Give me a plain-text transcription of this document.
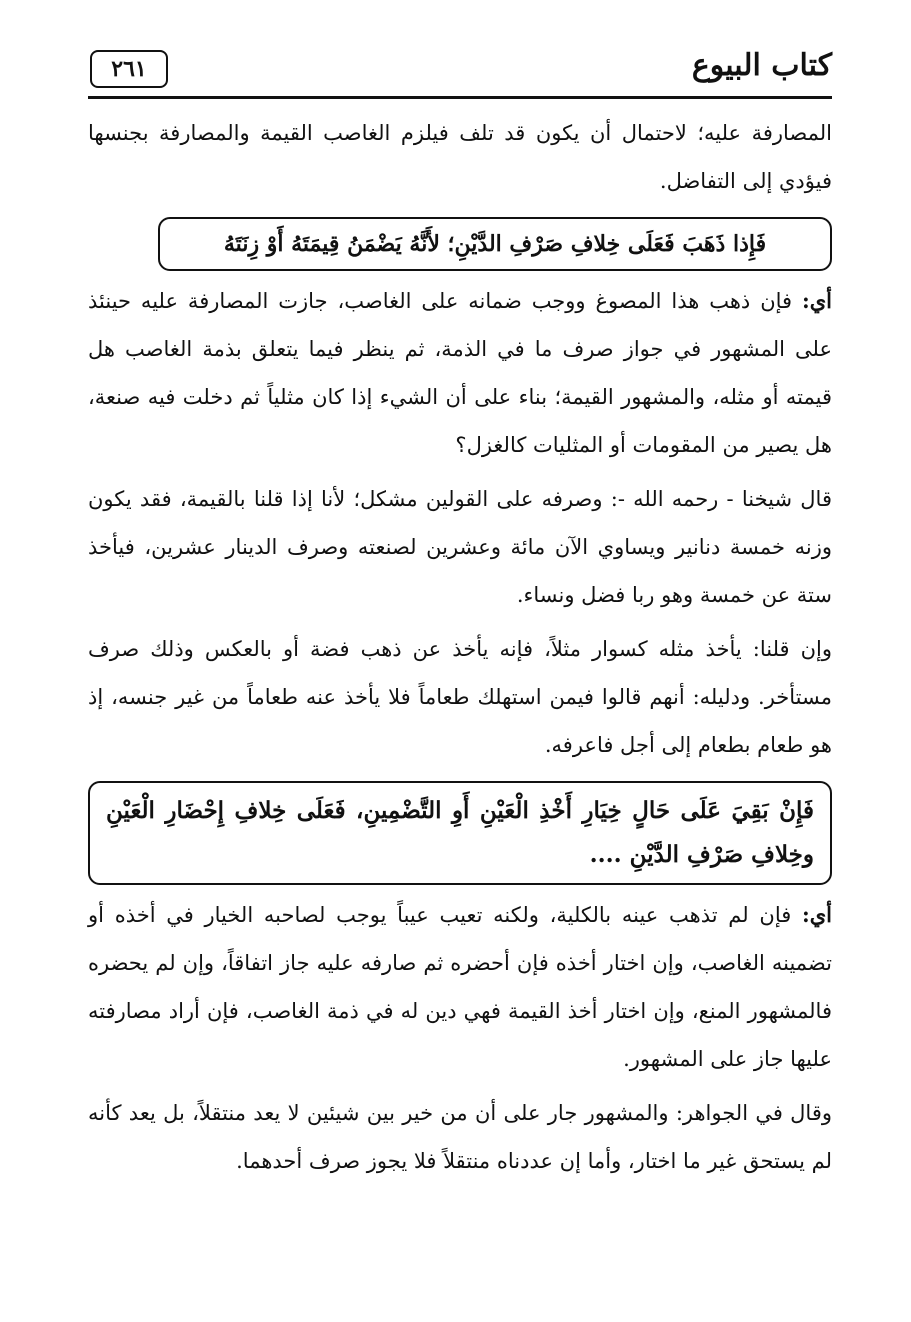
كتاب البيوع
٢٦١

المصارفة عليه؛ لاحتمال أن يكون قد تلف فيلزم الغاصب القيمة والمصارفة بجنسها فيؤدي إلى التفاضل.

فَإِذا ذَهَبَ فَعَلَى خِلافِ صَرْفِ الدَّيْنِ؛ لأَنَّهُ يَضْمَنُ قِيمَتَهُ أَوْ زِنَتَهُ

أي: فإن ذهب هذا المصوغ ووجب ضمانه على الغاصب، جازت المصارفة عليه حينئذ على المشهور في جواز صرف ما في الذمة، ثم ينظر فيما يتعلق بذمة الغاصب هل قيمته أو مثله، والمشهور القيمة؛ بناء على أن الشيء إذا كان مثلياً ثم دخلت فيه صنعة، هل يصير من المقومات أو المثليات كالغزل؟

قال شيخنا - رحمه الله -: وصرفه على القولين مشكل؛ لأنا إذا قلنا بالقيمة، فقد يكون وزنه خمسة دنانير ويساوي الآن مائة وعشرين لصنعته وصرف الدينار عشرين، فيأخذ ستة عن خمسة وهو ربا فضل ونساء.

وإن قلنا: يأخذ مثله كسوار مثلاً، فإنه يأخذ عن ذهب فضة أو بالعكس وذلك صرف مستأخر. ودليله: أنهم قالوا فيمن استهلك طعاماً فلا يأخذ عنه طعاماً من غير جنسه، إذ هو طعام بطعام إلى أجل فاعرفه.

فَإِنْ بَقِيَ عَلَى حَالٍ خِيَارِ أَخْذِ الْعَيْنِ أَوِ التَّضْمِينِ، فَعَلَى خِلافِ إِحْضَارِ الْعَيْنِ وخِلافِ صَرْفِ الدَّيْنِ ....

أي: فإن لم تذهب عينه بالكلية، ولكنه تعيب عيباً يوجب لصاحبه الخيار في أخذه أو تضمينه الغاصب، وإن اختار أخذه فإن أحضره ثم صارفه عليه جاز اتفاقاً، وإن لم يحضره فالمشهور المنع، وإن اختار أخذ القيمة فهي دين له في ذمة الغاصب، فإن أراد مصارفته عليها جاز على المشهور.

وقال في الجواهر: والمشهور جار على أن من خير بين شيئين لا يعد منتقلاً، بل يعد كأنه لم يستحق غير ما اختار، وأما إن عددناه منتقلاً فلا يجوز صرف أحدهما.
